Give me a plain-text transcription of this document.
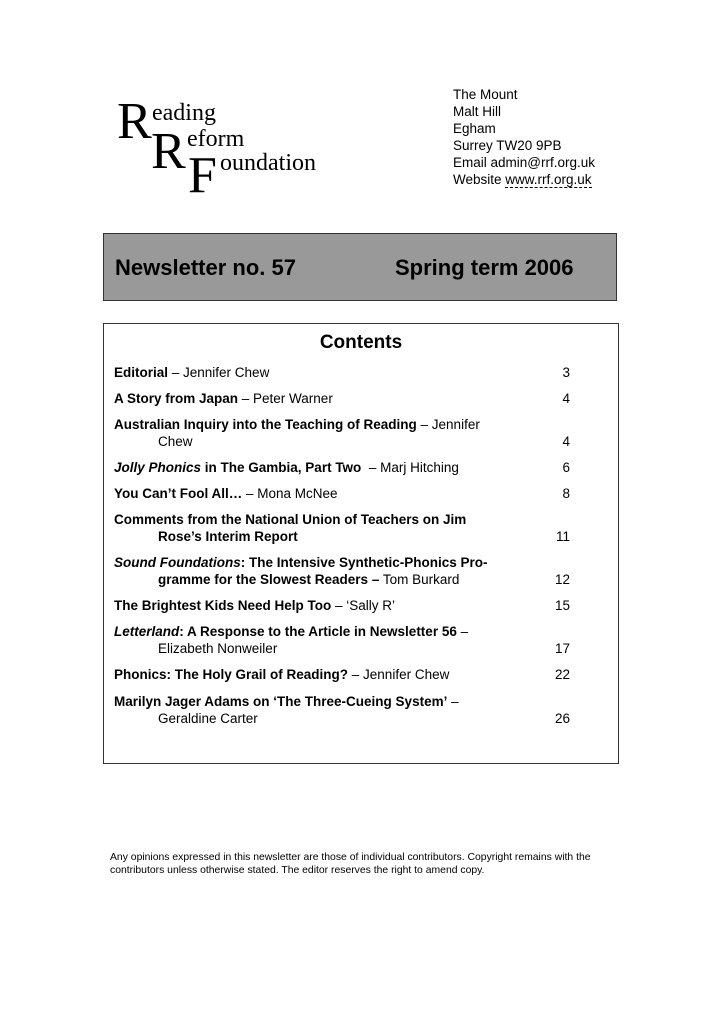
R eading
R eform
F oundation
The Mount
Malt Hill
Egham
Surrey TW20 9PB
Email admin@rrf.org.uk
Website www.rrf.org.uk
Newsletter no. 57	Spring term 2006
Contents
Editorial – Jennifer Chew	3
A Story from Japan – Peter Warner	4
Australian Inquiry into the Teaching of Reading – Jennifer
Chew	4
Jolly Phonics in The Gambia, Part Two  – Marj Hitching	6
You Can’t Fool All… – Mona McNee	8
Comments from the National Union of Teachers on Jim
Rose’s Interim Report	11
Sound Foundations: The Intensive Synthetic-Phonics Pro-
gramme for the Slowest Readers – Tom Burkard	12
The Brightest Kids Need Help Too – ‘Sally R’	15
Letterland: A Response to the Article in Newsletter 56 –
Elizabeth Nonweiler	17
Phonics: The Holy Grail of Reading? – Jennifer Chew	22
Marilyn Jager Adams on ‘The Three-Cueing System’ –
Geraldine Carter	26
Any opinions expressed in this newsletter are those of individual contributors. Copyright remains with the contributors unless otherwise stated. The editor reserves the right to amend copy.
